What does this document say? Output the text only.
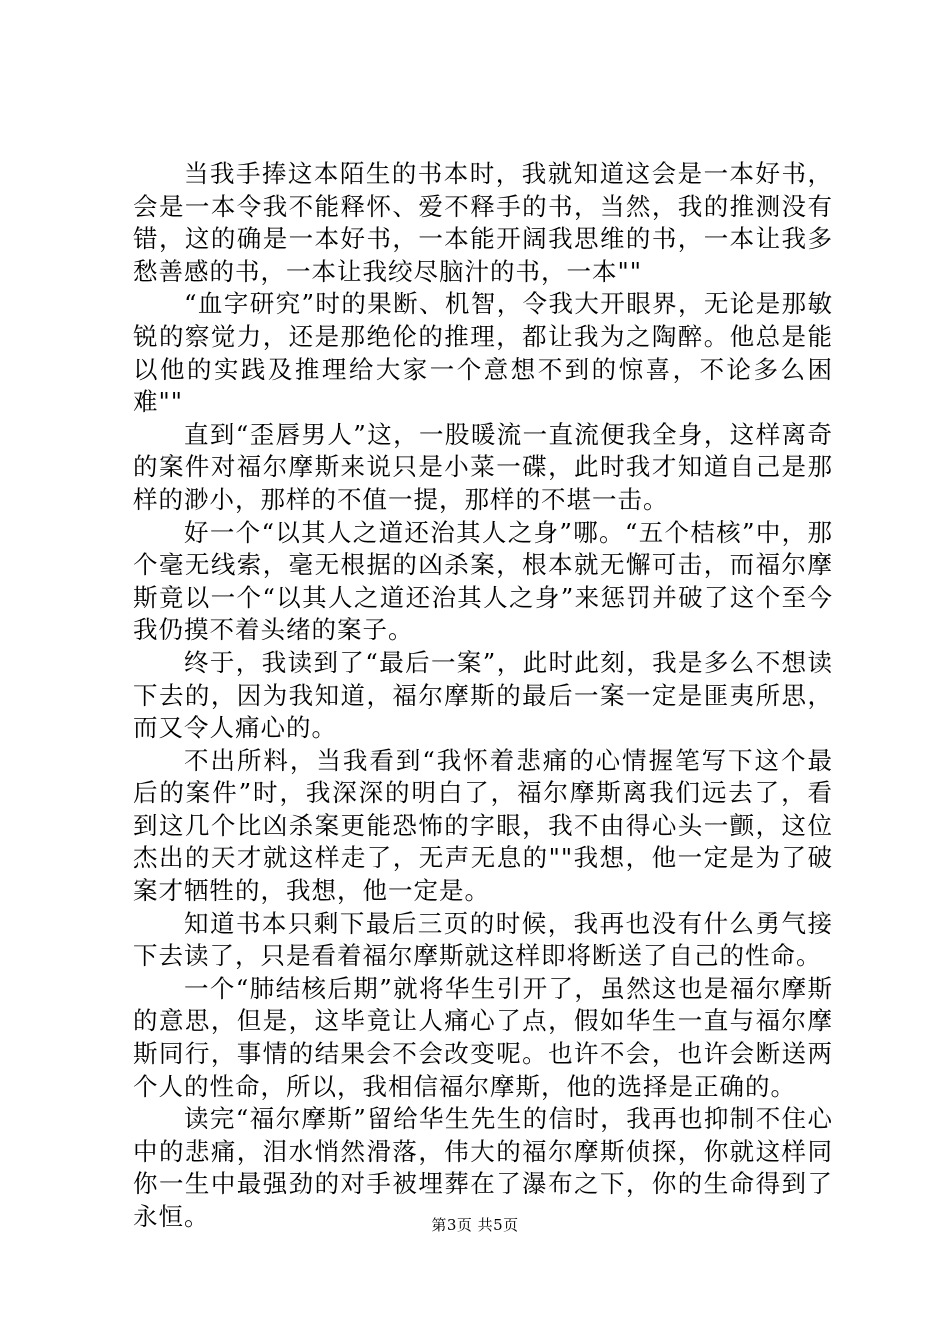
当我手捧这本陌生的书本时，我就知道这会是一本好书，会是一本令我不能释怀、爱不释手的书，当然，我的推测没有错，这的确是一本好书，一本能开阔我思维的书，一本让我多愁善感的书，一本让我绞尽脑汁的书，一本""

“血字研究”时的果断、机智，令我大开眼界，无论是那敏锐的察觉力，还是那绝伦的推理，都让我为之陶醉。他总是能以他的实践及推理给大家一个意想不到的惊喜，不论多么困难""

直到“歪唇男人”这，一股暖流一直流便我全身，这样离奇的案件对福尔摩斯来说只是小菜一碟，此时我才知道自己是那样的渺小，那样的不值一提，那样的不堪一击。

好一个“以其人之道还治其人之身”哪。“五个桔核”中，那个毫无线索，毫无根据的凶杀案，根本就无懈可击，而福尔摩斯竟以一个“以其人之道还治其人之身”来惩罚并破了这个至今我仍摸不着头绪的案子。

终于，我读到了“最后一案”，此时此刻，我是多么不想读下去的，因为我知道，福尔摩斯的最后一案一定是匪夷所思，而又令人痛心的。

不出所料，当我看到“我怀着悲痛的心情握笔写下这个最后的案件”时，我深深的明白了，福尔摩斯离我们远去了，看到这几个比凶杀案更能恐怖的字眼，我不由得心头一颤，这位杰出的天才就这样走了，无声无息的""我想，他一定是为了破案才牺牲的，我想，他一定是。

知道书本只剩下最后三页的时候，我再也没有什么勇气接下去读了，只是看着福尔摩斯就这样即将断送了自己的性命。

一个“肺结核后期”就将华生引开了，虽然这也是福尔摩斯的意思，但是，这毕竟让人痛心了点，假如华生一直与福尔摩斯同行，事情的结果会不会改变呢。也许不会，也许会断送两个人的性命，所以，我相信福尔摩斯，他的选择是正确的。

读完“福尔摩斯”留给华生先生的信时，我再也抑制不住心中的悲痛，泪水悄然滑落，伟大的福尔摩斯侦探，你就这样同你一生中最强劲的对手被埋葬在了瀑布之下，你的生命得到了永恒。	第3页 共5页
